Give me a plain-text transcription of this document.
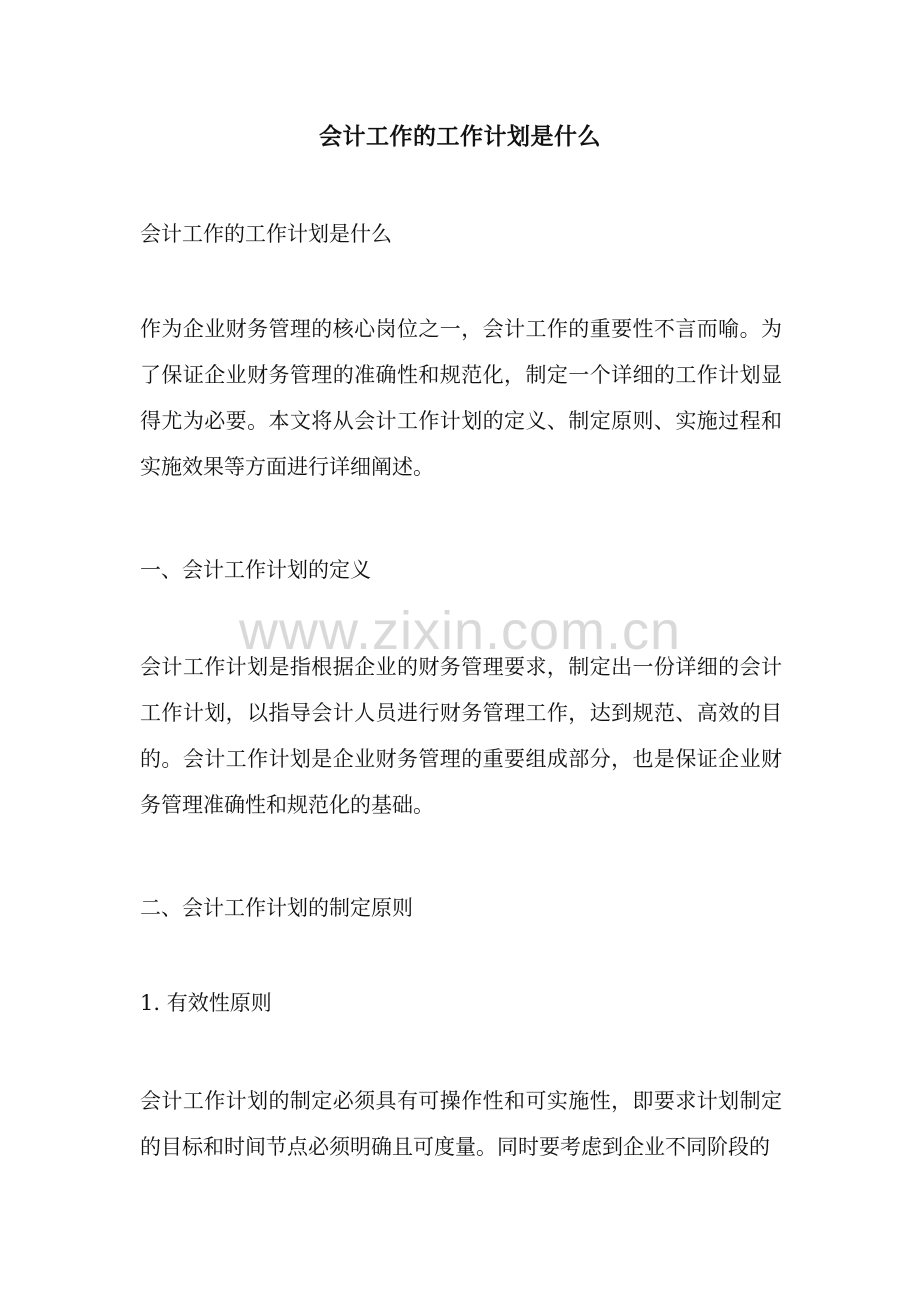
会计工作的工作计划是什么
会计工作的工作计划是什么
作为企业财务管理的核心岗位之一，会计工作的重要性不言而喻。为了保证企业财务管理的准确性和规范化，制定一个详细的工作计划显得尤为必要。本文将从会计工作计划的定义、制定原则、实施过程和实施效果等方面进行详细阐述。
一、会计工作计划的定义
会计工作计划是指根据企业的财务管理要求，制定出一份详细的会计工作计划，以指导会计人员进行财务管理工作，达到规范、高效的目的。会计工作计划是企业财务管理的重要组成部分，也是保证企业财务管理准确性和规范化的基础。
二、会计工作计划的制定原则
1. 有效性原则
会计工作计划的制定必须具有可操作性和可实施性，即要求计划制定的目标和时间节点必须明确且可度量。同时要考虑到企业不同阶段的
www.zixin.com.cn
